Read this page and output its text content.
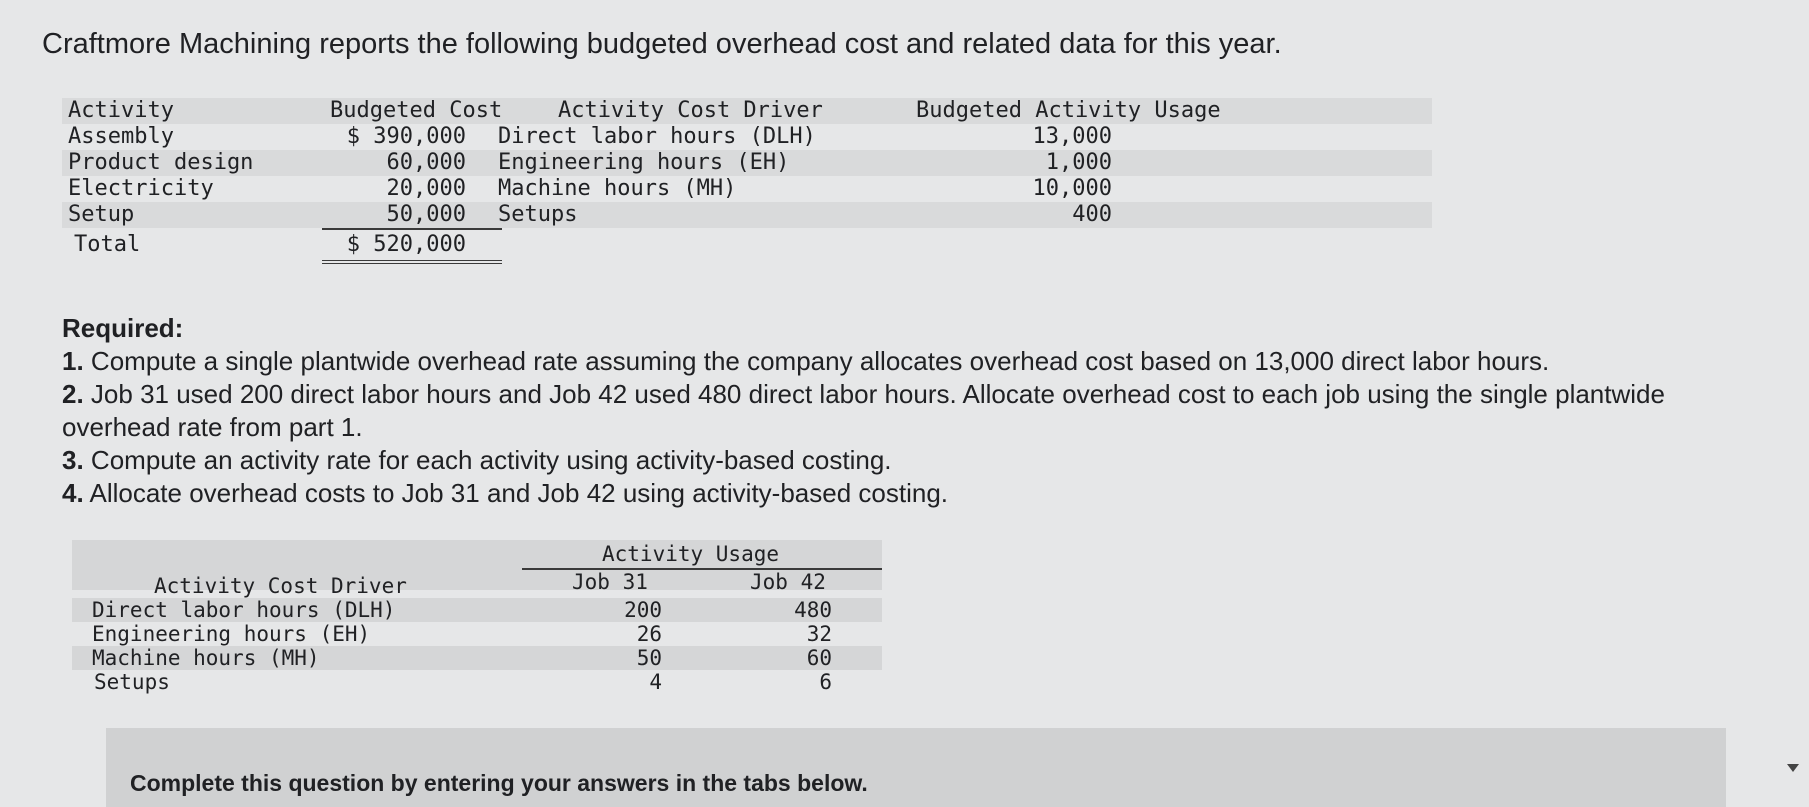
Craftmore Machining reports the following budgeted overhead cost and related data for this year.
Activity	Budgeted Cost	Activity Cost Driver	Budgeted Activity Usage
Assembly	$ 390,000 Direct labor hours (DLH)	13,000
Product design	60,000 Engineering hours (EH)	1,000
Electricity	20,000 Machine hours (MH)	10,000
Setup	50,000 Setups	400
Total	$ 520,000
Required:
1. Compute a single plantwide overhead rate assuming the company allocates overhead cost based on 13,000 direct labor hours.
2. Job 31 used 200 direct labor hours and Job 42 used 480 direct labor hours. Allocate overhead cost to each job using the single plantwide overhead rate from part 1.
3. Compute an activity rate for each activity using activity-based costing.
4. Allocate overhead costs to Job 31 and Job 42 using activity-based costing.
Activity Usage
Activity Cost Driver	Job 31	Job 42
Direct labor hours (DLH)	200	480
Engineering hours (EH)	26	32
Machine hours (MH)	50	60
Setups	4	6
Complete this question by entering your answers in the tabs below.
